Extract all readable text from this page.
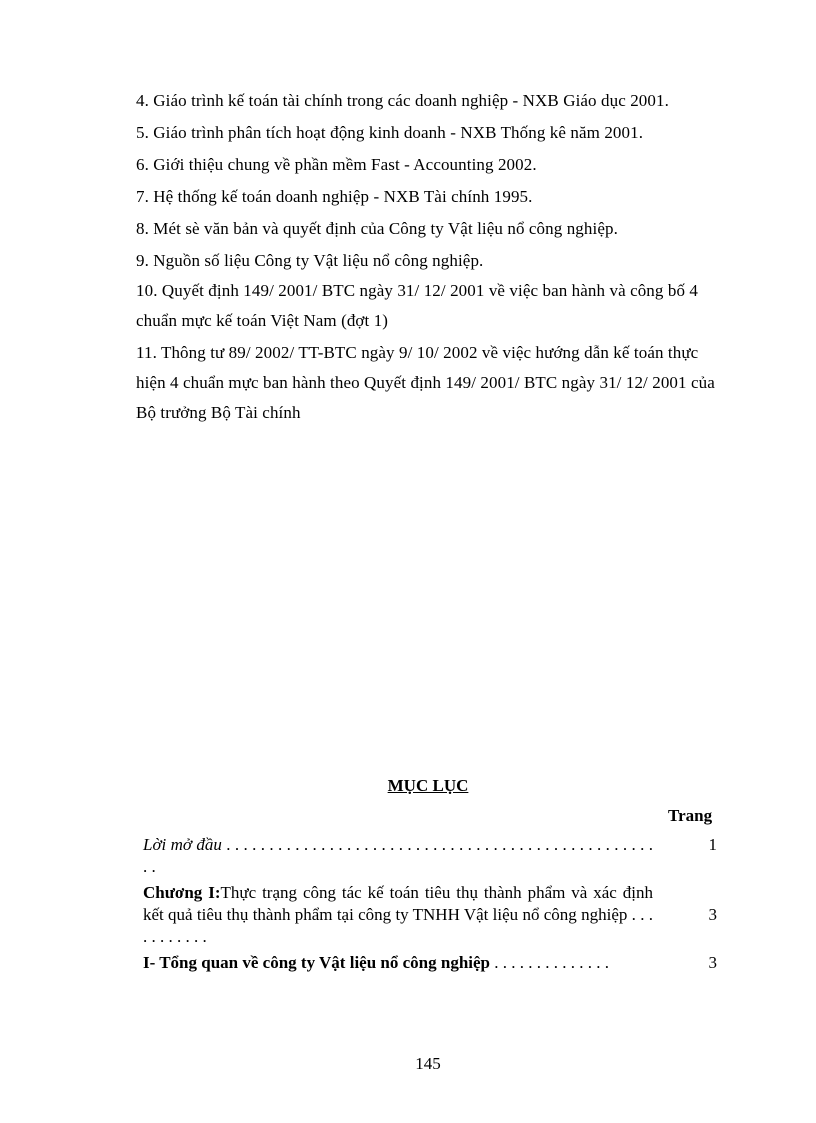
4. Giáo trình kế toán tài chính trong các doanh nghiệp - NXB Giáo dục 2001.

5. Giáo trình phân tích hoạt động kinh doanh - NXB Thống kê năm 2001.

6. Giới thiệu chung về phần mềm Fast - Accounting 2002.

7. Hệ thống kế toán doanh nghiệp - NXB Tài chính 1995.

8. Mét sè văn bản và quyết định của Công ty Vật liệu nổ công nghiệp.

9. Nguồn số liệu Công ty Vật liệu nổ công nghiệp.

10. Quyết định 149/ 2001/ BTC ngày 31/ 12/ 2001 về việc ban hành và công bố 4 chuẩn mực kế toán Việt Nam (đợt 1)

11. Thông tư 89/ 2002/ TT-BTC ngày 9/ 10/ 2002 về việc hướng dẫn kế toán thực hiện 4 chuẩn mực ban hành theo Quyết định 149/ 2001/ BTC ngày 31/ 12/ 2001 của Bộ trưởng Bộ Tài chính

MỤC LỤC
Trang
Lời mở đầu . . . . . . . . . . . . . . . . . . . . . . . . . . . . . . . . . . . . . . . . . . . . . . . . . . . .
1
Chương I:Thực trạng công tác kế toán tiêu thụ thành phẩm và xác định kết quả tiêu thụ thành phẩm tại công ty TNHH Vật liệu nổ công nghiệp . . . . . . . . . . .
3
I- Tổng quan về công ty Vật liệu nổ công nghiệp . . . . . . . . . . . . . .	3
145
